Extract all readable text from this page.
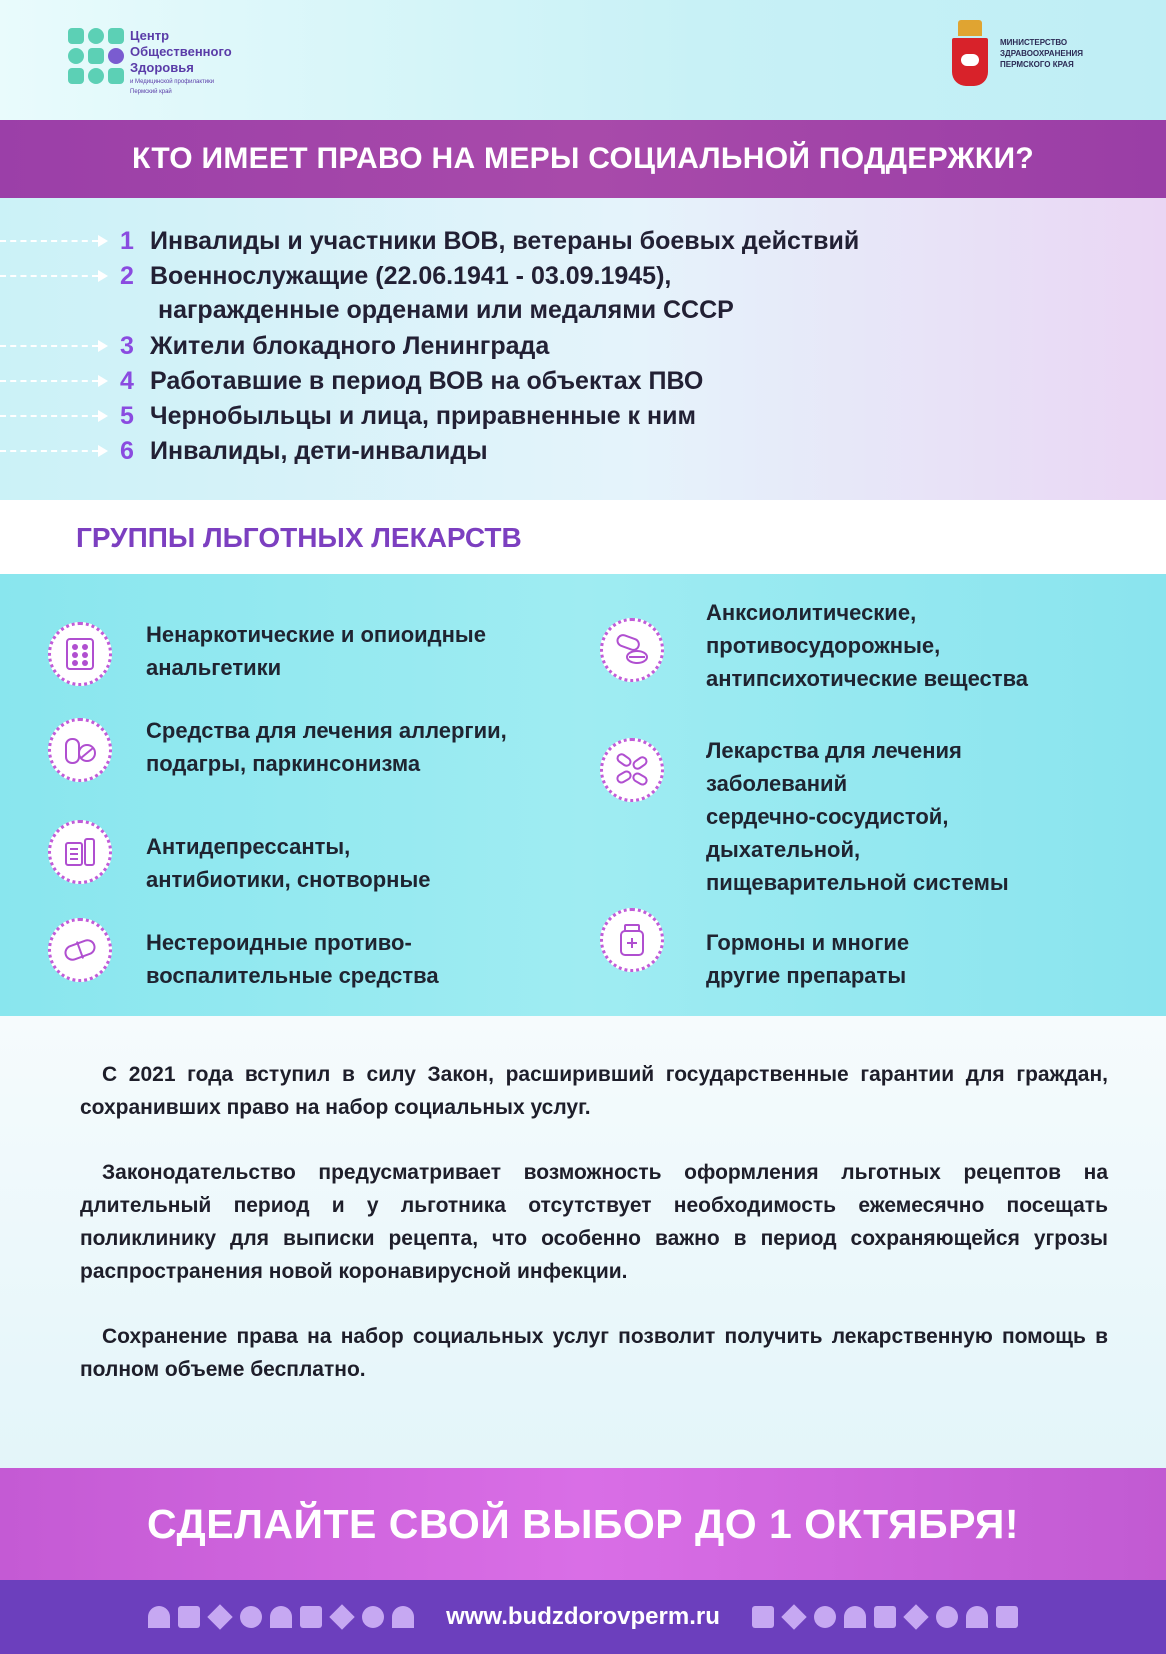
Центр
Общественного
Здоровья
и Медицинской профилактики
Пермский край
МИНИСТЕРСТВО
ЗДРАВООХРАНЕНИЯ
ПЕРМСКОГО КРАЯ
КТО ИМЕЕТ ПРАВО НА МЕРЫ СОЦИАЛЬНОЙ ПОДДЕРЖКИ?
1 Инвалиды и участники ВОВ, ветераны боевых действий
2 Военнослужащие (22.06.1941 - 03.09.1945),
награжденные орденами или медалями СССР
3 Жители блокадного Ленинграда
4 Работавшие в период ВОВ на объектах ПВО
5 Чернобыльцы и лица, приравненные к ним
6 Инвалиды, дети-инвалиды
ГРУППЫ ЛЬГОТНЫХ ЛЕКАРСТВ
Ненаркотические и опиоидные
анальгетики
Средства для лечения аллергии,
подагры, паркинсонизма
Антидепрессанты,
антибиотики, снотворные
Нестероидные противо-
воспалительные средства
Анксиолитические,
противосудорожные,
антипсихотические вещества
Лекарства для лечения
заболеваний
сердечно-сосудистой,
дыхательной,
пищеварительной системы
Гормоны и многие
другие препараты

С 2021 года вступил в силу Закон, расширивший государственные гарантии для граждан, сохранивших право на набор социальных услуг.

Законодательство предусматривает возможность оформления льготных рецептов на длительный период и у льготника отсутствует необходимость ежемесячно посещать поликлинику для выписки рецепта, что особенно важно в период сохраняющейся угрозы распространения новой коронавирусной инфекции.

Сохранение права на набор социальных услуг позволит получить лекарственную помощь в полном объеме бесплатно.

СДЕЛАЙТЕ СВОЙ ВЫБОР ДО 1 ОКТЯБРЯ!
www.budzdorovperm.ru
